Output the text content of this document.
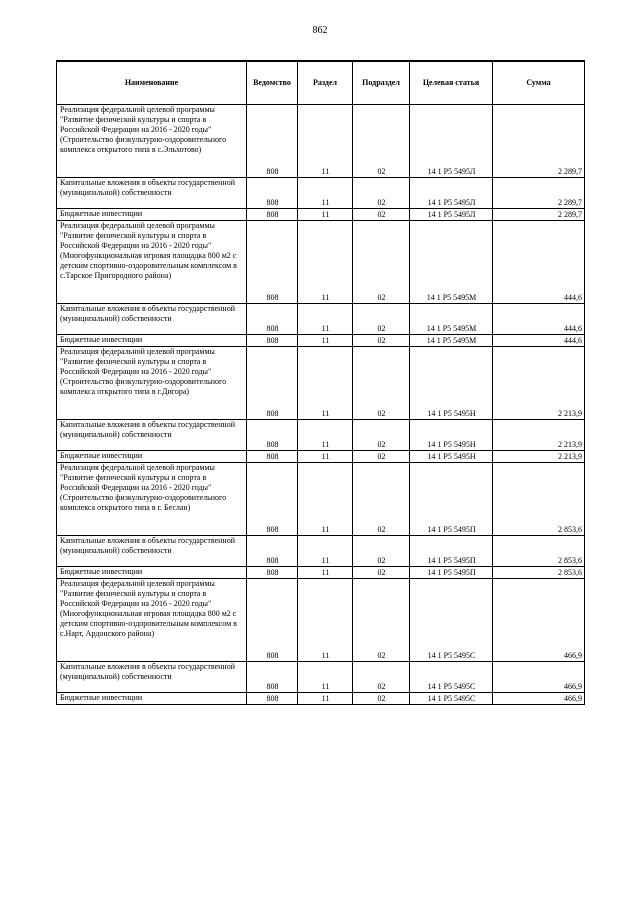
862
Наименование	Ведомство	Раздел	Подраздел	Целевая статья	Сумма
Реализация федеральной целевой программы "Развитие физической культуры и спорта в Российской Федерации на 2016 - 2020 годы"(Строительство физкультурно-оздоровительного комплекса открытого типа в с.Эльхотово)	808	11	02	14 1 Р5 5495Л	2 289,7
Капитальные вложения в объекты государственной (муниципальной) собственности	808	11	02	14 1 Р5 5495Л	2 289,7
Бюджетные инвестиции	808	11	02	14 1 Р5 5495Л	2 289,7
Реализация федеральной целевой программы "Развитие физической культуры и спорта в Российской Федерации на 2016 - 2020 годы"(Многофункциональная игровая площадка 800 м2 с детским спортивно-оздоровительным комплексом в с.Тарское Пригородного района)	808	11	02	14 1 Р5 5495М	444,6
Капитальные вложения в объекты государственной (муниципальной) собственности	808	11	02	14 1 Р5 5495М	444,6
Бюджетные инвестиции	808	11	02	14 1 Р5 5495М	444,6
Реализация федеральной целевой программы "Развитие физической культуры и спорта в Российской Федерации на 2016 - 2020 годы"(Строительство физкультурно-оздоровительного комплекса открытого типа в г.Дигора)	808	11	02	14 1 Р5 5495Н	2 213,9
Капитальные вложения в объекты государственной (муниципальной) собственности	808	11	02	14 1 Р5 5495Н	2 213,9
Бюджетные инвестиции	808	11	02	14 1 Р5 5495Н	2 213,9
Реализация федеральной целевой программы "Развитие физической культуры и спорта в Российской Федерации на 2016 - 2020 годы"(Строительство физкультурно-оздоровительного комплекса открытого типа в г. Беслан)	808	11	02	14 1 Р5 5495П	2 853,6
Капитальные вложения в объекты государственной (муниципальной) собственности	808	11	02	14 1 Р5 5495П	2 853,6
Бюджетные инвестиции	808	11	02	14 1 Р5 5495П	2 853,6
Реализация федеральной целевой программы "Развитие физической культуры и спорта в Российской Федерации на 2016 - 2020 годы"(Многофункциональная игровая площадка 800 м2 с детским спортивно-оздоровительным комплексом в с.Нарт, Ардонского района)	808	11	02	14 1 Р5 5495С	466,9
Капитальные вложения в объекты государственной (муниципальной) собственности	808	11	02	14 1 Р5 5495С	466,9
Бюджетные инвестиции	808	11	02	14 1 Р5 5495С	466,9
